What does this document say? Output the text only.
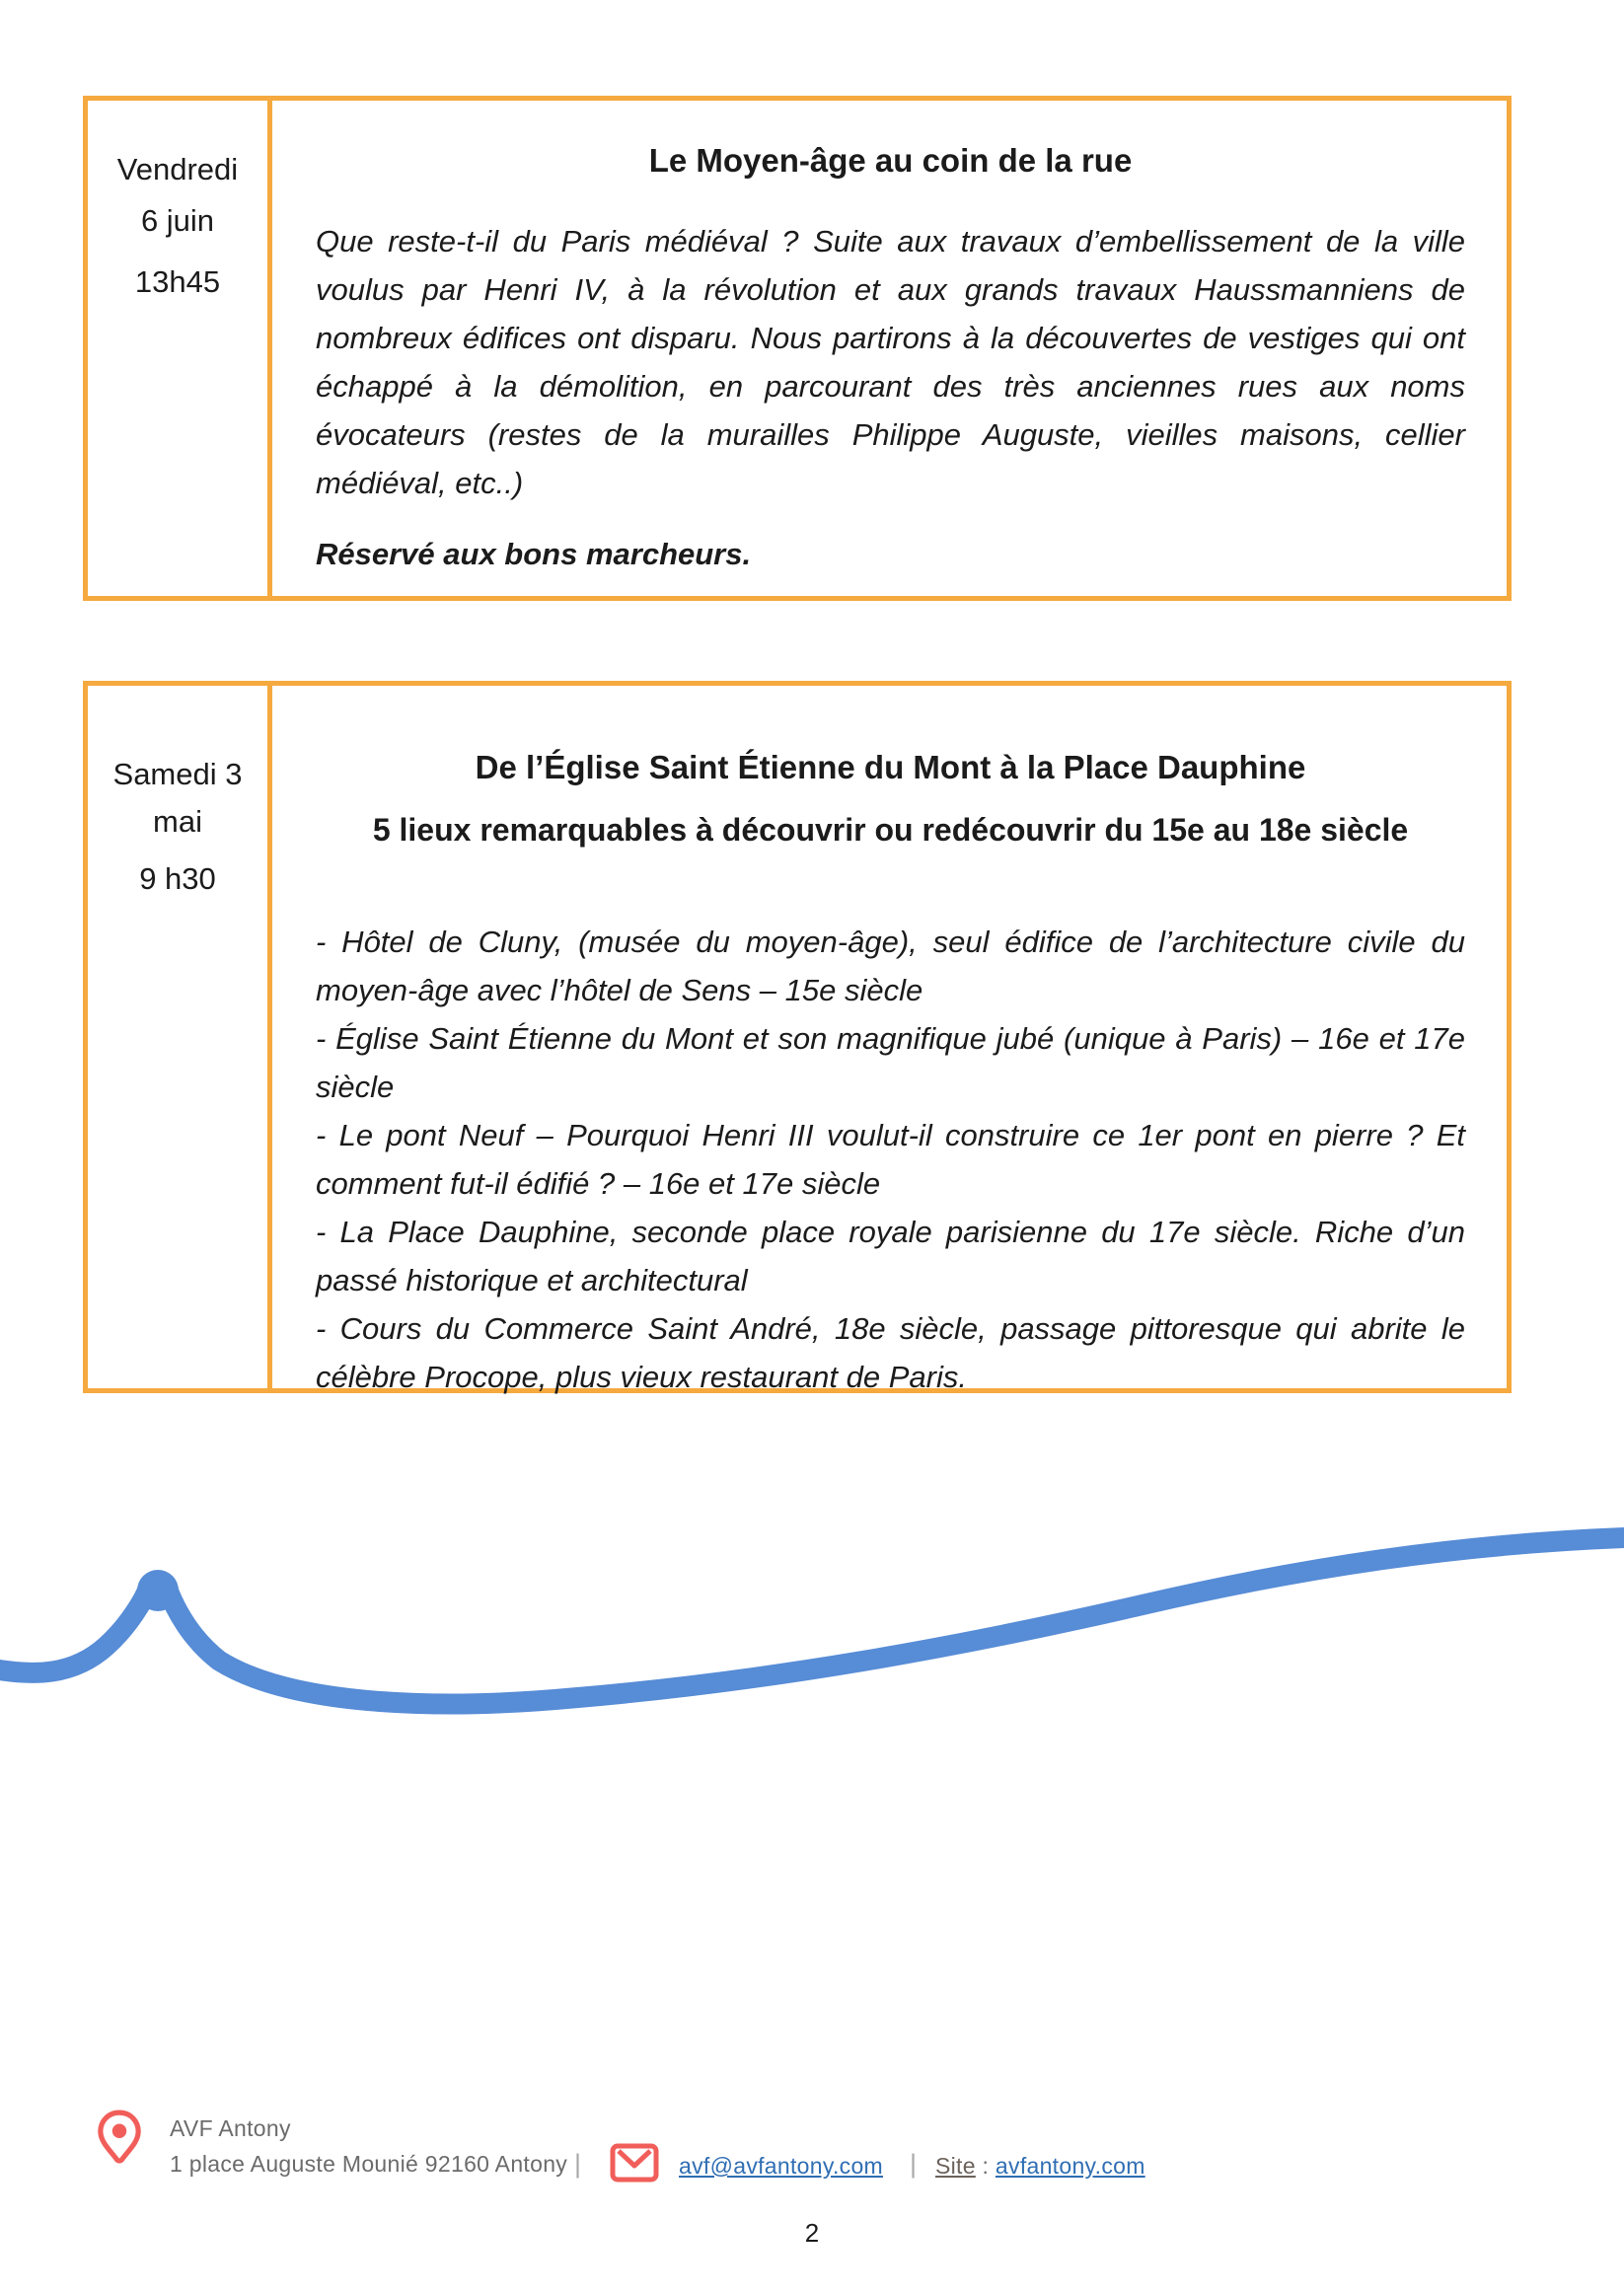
Vendredi
6 juin
13h45
Le Moyen-âge au coin de la rue

Que reste-t-il du Paris médiéval ? Suite aux travaux d’embellissement de la ville voulus par Henri IV, à la révolution et aux grands travaux Haussmanniens de nombreux édifices ont disparu. Nous partirons à la découvertes de vestiges qui ont échappé à la démolition, en parcourant des très anciennes rues aux noms évocateurs (restes de la murailles Philippe Auguste, vieilles maisons, cellier médiéval, etc..)

Réservé aux bons marcheurs.

Samedi 3
mai
9 h30
De l’Église Saint Étienne du Mont à la Place Dauphine
5 lieux remarquables à découvrir ou redécouvrir du 15e au 18e siècle

- Hôtel de Cluny, (musée du moyen-âge), seul édifice de l’architecture civile du moyen-âge avec l’hôtel de Sens – 15e siècle

- Église Saint Étienne du Mont et son magnifique jubé (unique à Paris) – 16e et 17e siècle

- Le pont Neuf – Pourquoi Henri III voulut-il construire ce 1er pont en pierre ? Et comment fut-il édifié ? – 16e et 17e siècle

- La Place Dauphine, seconde place royale parisienne du 17e siècle. Riche d’un passé historique et architectural

- Cours du Commerce Saint André, 18e siècle, passage pittoresque qui abrite le célèbre Procope, plus vieux restaurant de Paris.

AVF Antony
1 place Auguste Mounié 92160 Antony |	avf@avfantony.com | Site : avfantony.com
2
